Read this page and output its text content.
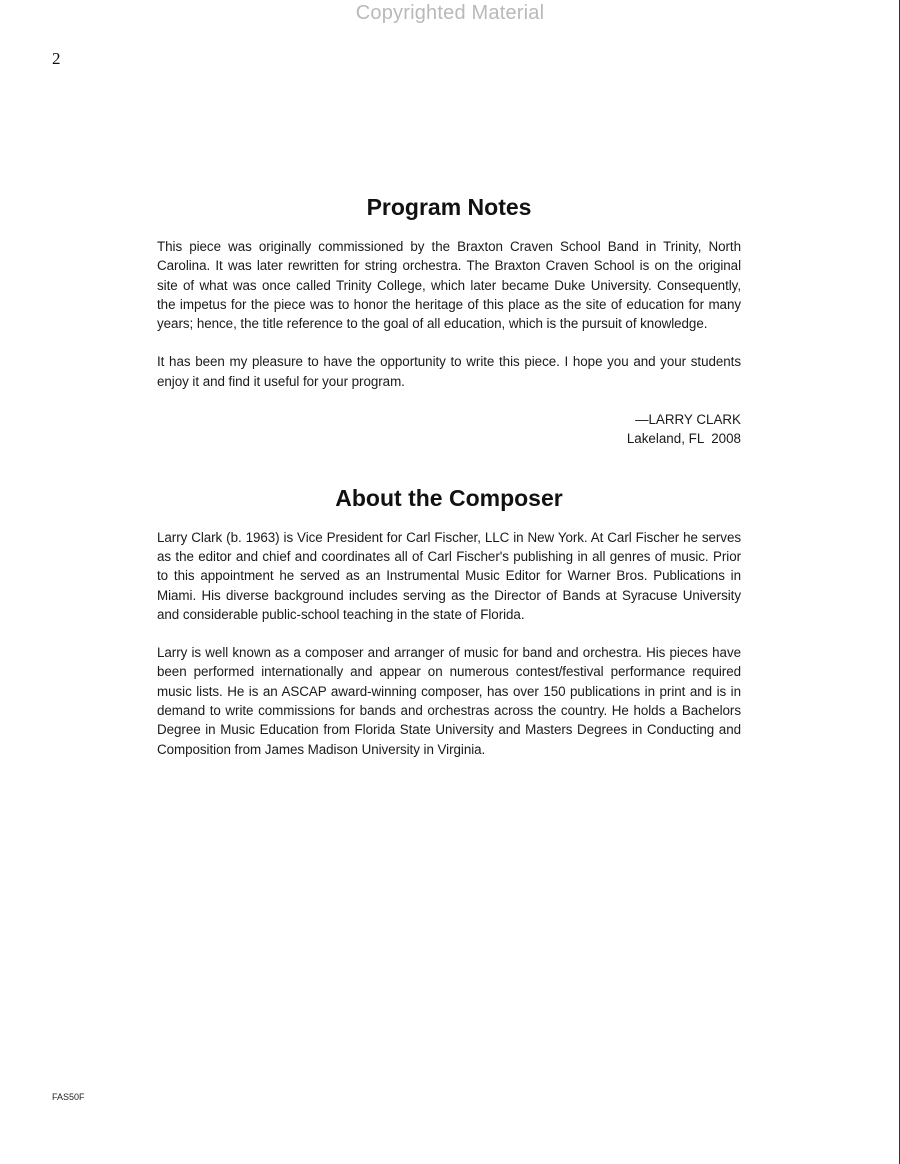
Copyrighted Material
2
Program Notes

This piece was originally commissioned by the Braxton Craven School Band in Trinity, North Carolina. It was later rewritten for string orchestra. The Braxton Craven School is on the original site of what was once called Trinity College, which later became Duke University. Consequently, the impetus for the piece was to honor the heritage of this place as the site of education for many years; hence, the title reference to the goal of all education, which is the pursuit of knowledge.

It has been my pleasure to have the opportunity to write this piece. I hope you and your students enjoy it and find it useful for your program.

—LARRY CLARK
Lakeland, FL  2008
About the Composer

Larry Clark (b. 1963) is Vice President for Carl Fischer, LLC in New York. At Carl Fischer he serves as the editor and chief and coordinates all of Carl Fischer's publishing in all genres of music. Prior to this appointment he served as an Instrumental Music Editor for Warner Bros. Publications in Miami. His diverse background includes serving as the Director of Bands at Syracuse University and considerable public-school teaching in the state of Florida.

Larry is well known as a composer and arranger of music for band and orchestra. His pieces have been performed internationally and appear on numerous contest/festival performance required music lists. He is an ASCAP award-winning composer, has over 150 publications in print and is in demand to write commissions for bands and orchestras across the country. He holds a Bachelors Degree in Music Education from Florida State University and Masters Degrees in Conducting and Composition from James Madison University in Virginia.

FAS50F
